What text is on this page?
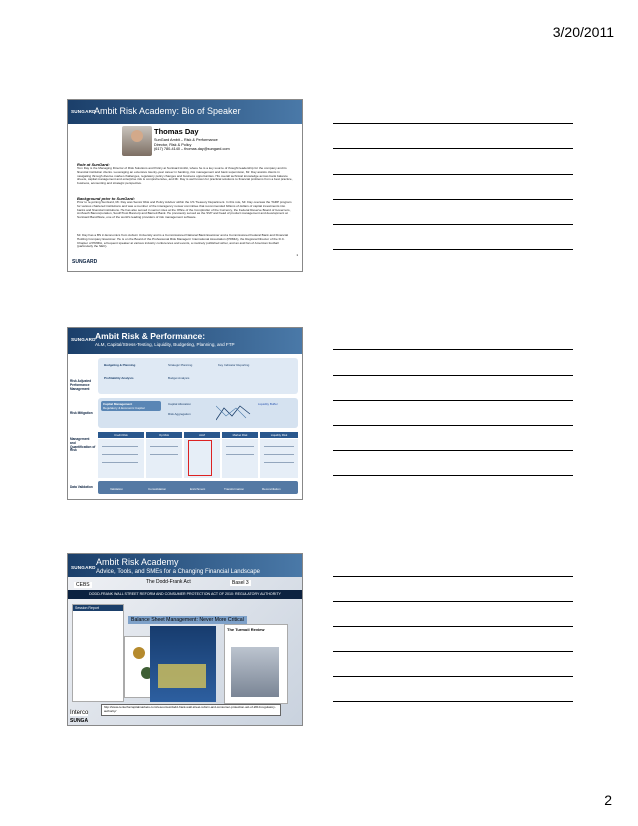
3/20/2011
SUNGARD
Ambit Risk Academy: Bio of Speaker
Thomas Day
SunGard Ambit – Risk & Performance
Director, Risk & Policy
(617) 780-4140 – thomas.day@sungard.com
Role at SunGard:
Tom Day is the Managing Director of Risk Solutions and Policy at SunGard Ambit, where he is a key source of thought leadership for the company and its financial institution clients. Leveraging an extensive twenty-year career in banking, risk management and bank supervision, Mr. Day assists clients in navigating through diverse market challenges, regulatory policy changes and business opportunities. His overall technical knowledge across bank balance sheets, capital management and enterprise risk is comprehensive, and Mr. Day is well known for practical solutions to financial problems from a best practice, business, accounting and strategic perspective.
Background prior to SunGard:
Prior to re-joining SunGard, Mr. Day was Senior Risk and Policy Advisor within the US Treasury Department. In this role, Mr. Day oversaw the TARP program for various chartered institutions and was a member of the interagency review committee that recommended billions of dollars of capital investments into banks and financial institutions. He has also served in senior roles at the Office of the Comptroller of the Currency, the Federal Reserve Board of Governors, AmSouth Bancorporation, SouthTrust Bancorp and Barnett Bank. He previously served as the SVP and head of product management and development at SunGard BancWare, one of the world's leading providers of risk management software.
Mr. Day has a BS in Economics from Auburn University and is a Commissioned National Bank Examiner and a Commissioned Federal Bank and Financial Holding Company Examiner. He is on the Board of the Professional Risk Managers' International Association (PRMIA), the Regional Director of the D.C. Chapter of PRMIA, a frequent speaker at various industry conferences and events, a routinely published writer, and an avid fan of American football (particularly the SEC).
1
SUNGARD
SUNGARD Ambit Risk & Performance:
ALM, Capital/Stress-Testing, Liquidity, Budgeting, Planning, and FTP
Risk Adjusted Performance Management
Risk Mitigation
Management and Quantification of Risk
Data Validation
Budgeting & Planning
Profitability Analysis
Strategic Planning
Budget Analysis
Key Indicator Reporting
Capital Management
Regulatory & Economic Capital
Capital Allocation
Risk Aggregation
Liquidity Buffer
Credit Risk	Op Risk	ALM	Market Risk	Liquidity Risk
Validation	Consolidation	Enrichment	Transformation	Reconciliation
SUNGARD
Ambit Risk Academy
Advice, Tools, and SMEs for a Changing Financial Landscape
CEBS	The Dodd-Frank Act	Basel 3
DODD-FRANK WALL STREET REFORM AND CONSUMER PROTECTION ACT OF 2010: REGULATORY AUTHORITY
Session Report
Balance Sheet Management: Never More Critical
The Turmoil Review
Interco
SUNGA
http://www.centerforcapitalmarkets.com/resources/dodd-frank-wall-street-reform-and-consumer-protection-act-of-2010-regulatory-authority/
2
